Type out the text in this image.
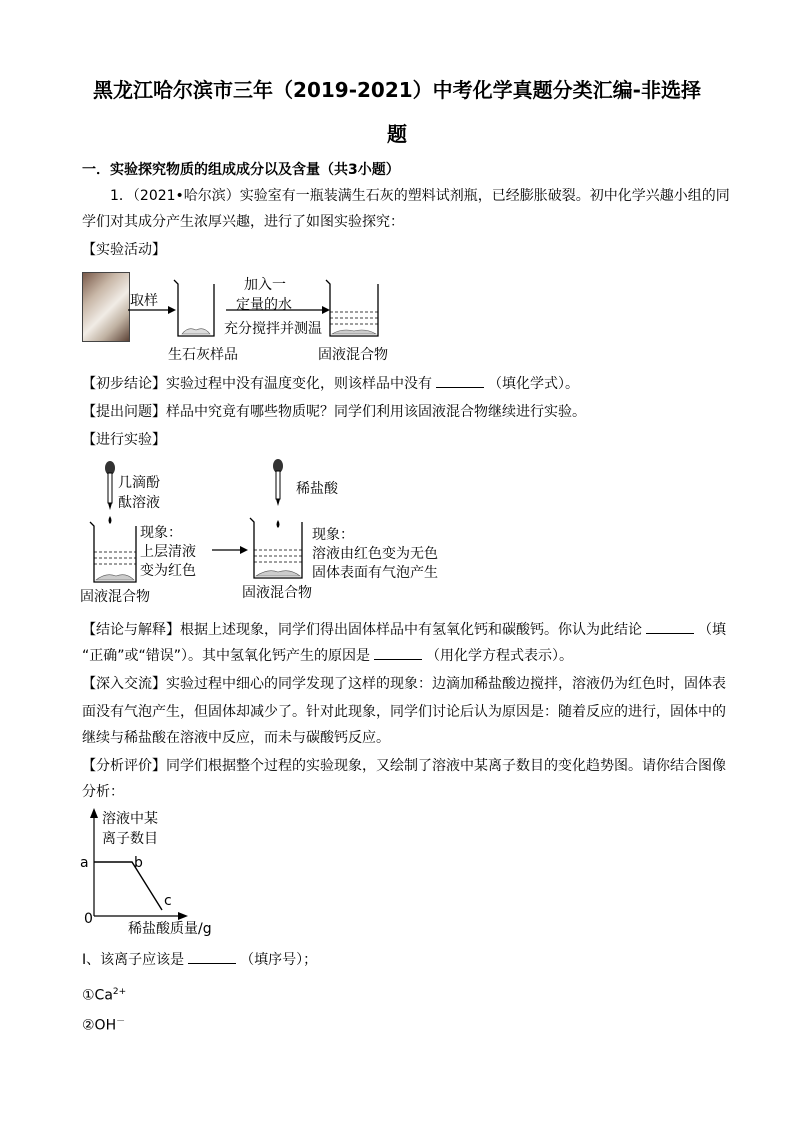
黑龙江哈尔滨市三年（2019-2021）中考化学真题分类汇编-非选择
题
一．实验探究物质的组成成分以及含量（共3小题）
1．（2021•哈尔滨）实验室有一瓶装满生石灰的塑料试剂瓶，已经膨胀破裂。初中化学兴趣小组的同
学们对其成分产生浓厚兴趣，进行了如图实验探究：
【实验活动】
取样
加入一
定量的水
充分搅拌并测温
生石灰样品	固液混合物
【初步结论】实验过程中没有温度变化，则该样品中没有	（填化学式）。
【提出问题】样品中究竟有哪些物质呢？同学们利用该固液混合物继续进行实验。
【进行实验】
几滴酚
酞溶液
稀盐酸
现象：
上层清液
变为红色
现象：
溶液由红色变为无色
固体表面有气泡产生
固液混合物	固液混合物
【结论与解释】根据上述现象，同学们得出固体样品中有氢氧化钙和碳酸钙。你认为此结论	（填
“正确”或“错误”）。其中氢氧化钙产生的原因是	（用化学方程式表示）。
【深入交流】实验过程中细心的同学发现了这样的现象：边滴加稀盐酸边搅拌，溶液仍为红色时，固体表
面没有气泡产生，但固体却减少了。针对此现象，同学们讨论后认为原因是：随着反应的进行，固体中的
继续与稀盐酸在溶液中反应，而未与碳酸钙反应。
【分析评价】同学们根据整个过程的实验现象，又绘制了溶液中某离子数目的变化趋势图。请你结合图像
分析：
溶液中某
离子数目
a	b
c
0
稀盐酸质量/g
Ⅰ、该离子应该是	（填序号）；
$①Ca^{2+}$
②OH－
